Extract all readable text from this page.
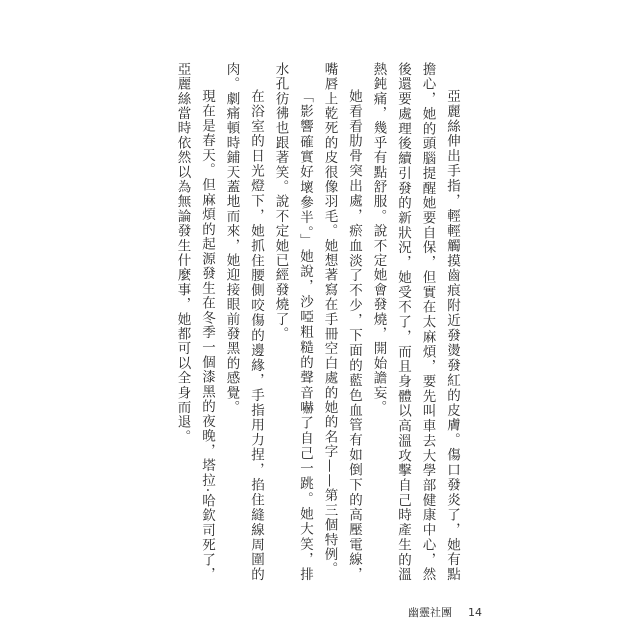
亞麗絲伸出手指，輕輕觸摸齒痕附近發燙發紅的皮膚。傷口發炎了，她有點擔心，她的頭腦提醒她要自保，但實在太麻煩，要先叫車去大學部健康中心，然後還要處理後續引發的新狀況，她受不了，而且身體以高溫攻擊自己時產生的溫熱鈍痛，幾乎有點舒服。說不定她會發燒，開始譫妄。

她看看肋骨突出處，瘀血淡了不少，下面的藍色血管有如倒下的高壓電線，嘴唇上乾死的皮很像羽毛。她想著寫在手冊空白處的她的名字——第三個特例。

「影響確實好壞參半。」她說，沙啞粗糙的聲音嚇了自己一跳。她大笑，排水孔彷彿也跟著笑。說不定她已經發燒了。

在浴室的日光燈下，她抓住腰側咬傷的邊緣，手指用力捏，掐住縫線周圍的肉。劇痛頓時鋪天蓋地而來，她迎接眼前發黑的感覺。

現在是春天。但麻煩的起源發生在冬季一個漆黑的夜晚，塔拉·哈欽司死了，亞麗絲當時依然以為無論發生什麼事，她都可以全身而退。

幽靈社團 14
